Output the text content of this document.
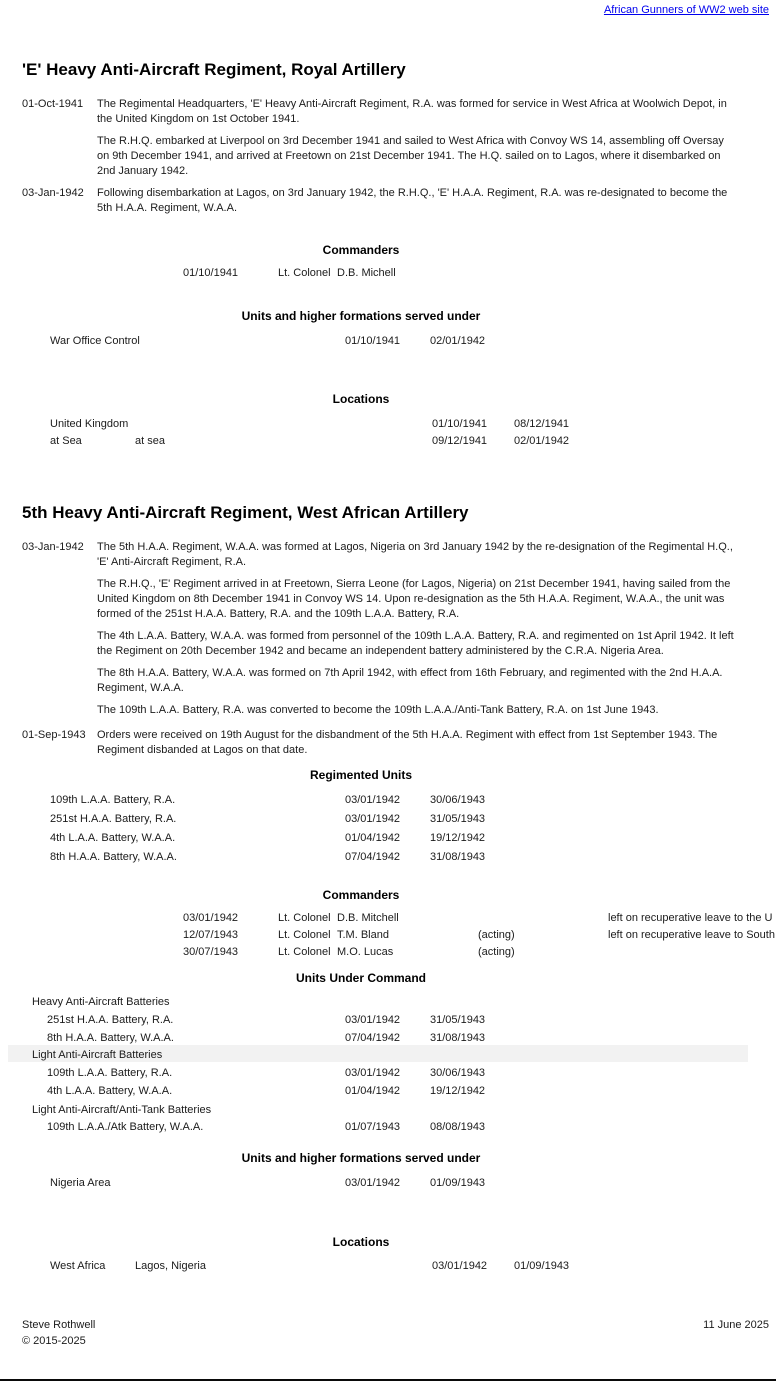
African Gunners of WW2 web site
'E' Heavy Anti-Aircraft Regiment, Royal Artillery
01-Oct-1941 The Regimental Headquarters, 'E' Heavy Anti-Aircraft Regiment, R.A. was formed for service in West Africa at Woolwich Depot, in the United Kingdom on 1st October 1941.

The R.H.Q. embarked at Liverpool on 3rd December 1941 and sailed to West Africa with Convoy WS 14, assembling off Oversay on 9th December 1941, and arrived at Freetown on 21st December 1941. The H.Q. sailed on to Lagos, where it disembarked on 2nd January 1942.

03-Jan-1942 Following disembarkation at Lagos, on 3rd January 1942, the R.H.Q., 'E' H.A.A. Regiment, R.A. was re-designated to become the 5th H.A.A. Regiment, W.A.A.

Commanders
01/10/1941	Lt. Colonel D.B. Michell
Units and higher formations served under
War Office Control	01/10/1941	02/01/1942
Locations
United Kingdom	01/10/1941 08/12/1941
at Sea	at sea	09/12/1941 02/01/1942
5th Heavy Anti-Aircraft Regiment, West African Artillery
03-Jan-1942 The 5th H.A.A. Regiment, W.A.A. was formed at Lagos, Nigeria on 3rd January 1942 by the re-designation of the Regimental H.Q., 'E' Anti-Aircraft Regiment, R.A.

The R.H.Q., 'E' Regiment arrived in at Freetown, Sierra Leone (for Lagos, Nigeria) on 21st December 1941, having sailed from the United Kingdom on 8th December 1941 in Convoy WS 14. Upon re-designation as the 5th H.A.A. Regiment, W.A.A., the unit was formed of the 251st H.A.A. Battery, R.A. and the 109th L.A.A. Battery, R.A.

The 4th L.A.A. Battery, W.A.A. was formed from personnel of the 109th L.A.A. Battery, R.A. and regimented on 1st April 1942. It left the Regiment on 20th December 1942 and became an independent battery administered by the C.R.A. Nigeria Area.

The 8th H.A.A. Battery, W.A.A. was formed on 7th April 1942, with effect from 16th February, and regimented with the 2nd H.A.A. Regiment, W.A.A.

The 109th L.A.A. Battery, R.A. was converted to become the 109th L.A.A./Anti-Tank Battery, R.A. on 1st June 1943.

01-Sep-1943 Orders were received on 19th August for the disbandment of the 5th H.A.A. Regiment with effect from 1st September 1943. The Regiment disbanded at Lagos on that date.

Regimented Units
109th L.A.A. Battery, R.A.	03/01/1942	30/06/1943
251st H.A.A. Battery, R.A.	03/01/1942	31/05/1943
4th L.A.A. Battery, W.A.A.	01/04/1942	19/12/1942
8th H.A.A. Battery, W.A.A.	07/04/1942	31/08/1943
Commanders
03/01/1942	Lt. Colonel D.B. Mitchell	left on recuperative leave to the U
12/07/1943	Lt. Colonel T.M. Bland	(acting)	left on recuperative leave to South
30/07/1943	Lt. Colonel M.O. Lucas	(acting)
Units Under Command
Heavy Anti-Aircraft Batteries
251st H.A.A. Battery, R.A.	03/01/1942	31/05/1943
8th H.A.A. Battery, W.A.A.	07/04/1942	31/08/1943
Light Anti-Aircraft Batteries
109th L.A.A. Battery, R.A.	03/01/1942	30/06/1943
4th L.A.A. Battery, W.A.A.	01/04/1942	19/12/1942
Light Anti-Aircraft/Anti-Tank Batteries
109th L.A.A./Atk Battery, W.A.A.	01/07/1943	08/08/1943
Units and higher formations served under
Nigeria Area	03/01/1942	01/09/1943
Locations
West Africa	Lagos, Nigeria	03/01/1942 01/09/1943
Steve Rothwell
© 2015-2025
11 June 2025
